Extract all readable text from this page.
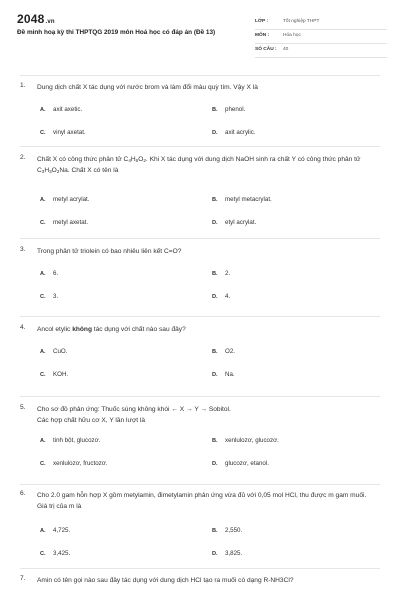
2048.vn
Đề minh hoạ kỳ thi THPTQG 2019 môn Hoá học có đáp án (Đề 13)
LỚP :	Tốt nghiệp THPT
MÔN :	Hóa học
SỐ CÂU : 40
1. Dung dịch chất X tác dụng với nước brom và làm đổi màu quỳ tím. Vậy X là
A. axit axetic.	B. phenol.
C. vinyl axetat.	D. axit acrylic.
2. Chất X có công thức phân tử $C_4H_6O_2$. Khi X tác dụng với dung dịch NaOH sinh ra chất Y có công thức phân tử $C_3H_3O_2Na$. Chất X có tên là
A. metyl acrylat.	B. metyl metacrylat.
C. metyl axetat.	D. etyl acrylat.
3. Trong phân tử triolein có bao nhiêu liên kết C=O?
A. 6.	B. 2.
C. 3.	D. 4.
4. Ancol etylic không tác dụng với chất nào sau đây?
A. CuO.	B. O2.
C. KOH.	D. Na.
5. Cho sơ đồ phản ứng: Thuốc súng không khói ← X → Y → Sobitol.
Các hợp chất hữu cơ X, Y lần lượt là
A. tinh bột, glucozơ.	B. xenlulozơ, glucozơ.
C. xenlulozơ, fructozơ.	D. glucozơ, etanol.
6. Cho 2.0 gam hỗn hợp X gồm metylamin, đimetylamin phản ứng vừa đủ với 0,05 mol HCl, thu được m gam muối. Giá trị của m là
A. 4,725.	B. 2,550.
C. 3,425.	D. 3,825.
7. Amin có tên gọi nào sau đây tác dụng với dung dịch HCl tạo ra muối có dạng R-NH3Cl?
